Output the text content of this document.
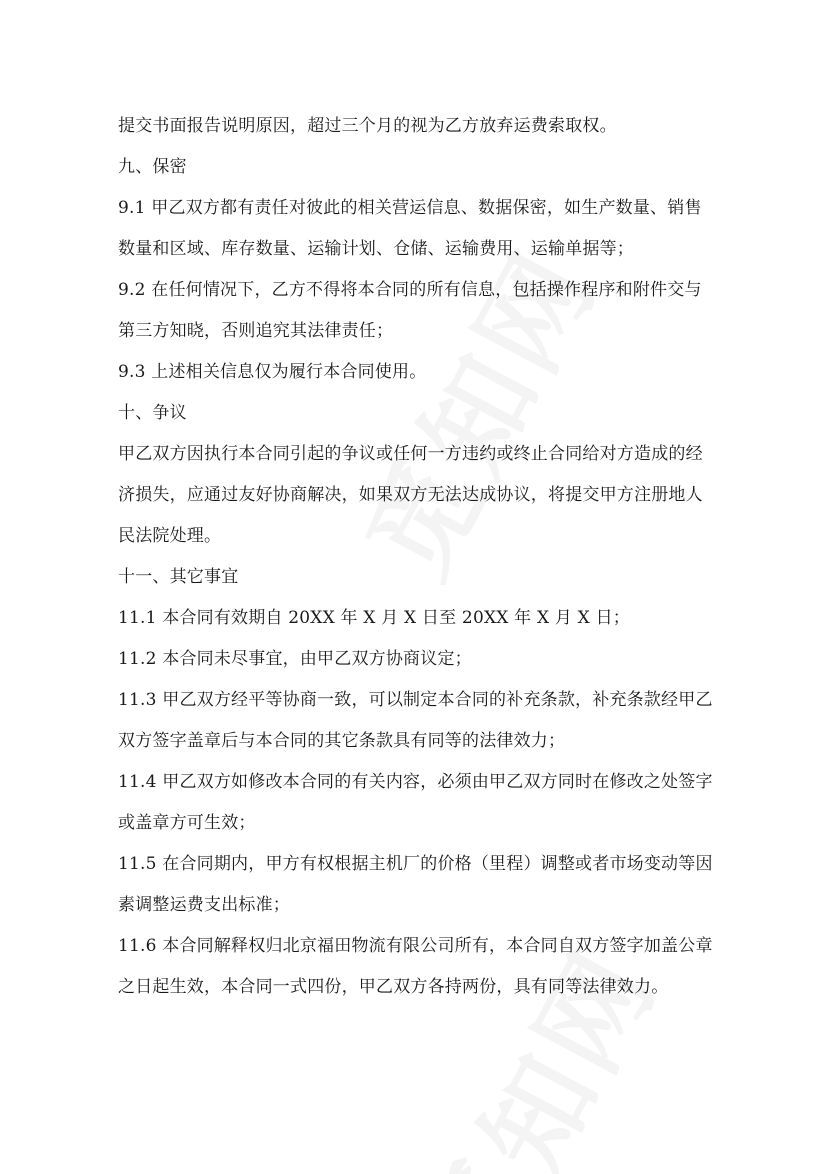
提交书面报告说明原因，超过三个月的视为乙方放弃运费索取权。
九、保密
9.1 甲乙双方都有责任对彼此的相关营运信息、数据保密，如生产数量、销售
数量和区域、库存数量、运输计划、仓储、运输费用、运输单据等；
9.2 在任何情况下，乙方不得将本合同的所有信息，包括操作程序和附件交与
第三方知晓，否则追究其法律责任；
9.3 上述相关信息仅为履行本合同使用。
十、争议
甲乙双方因执行本合同引起的争议或任何一方违约或终止合同给对方造成的经
济损失，应通过友好协商解决，如果双方无法达成协议，将提交甲方注册地人
民法院处理。
十一、其它事宜
11.1 本合同有效期自 20XX 年 X 月 X 日至 20XX 年 X 月 X 日；
11.2 本合同未尽事宜，由甲乙双方协商议定；
11.3 甲乙双方经平等协商一致，可以制定本合同的补充条款，补充条款经甲乙
双方签字盖章后与本合同的其它条款具有同等的法律效力；
11.4 甲乙双方如修改本合同的有关内容，必须由甲乙双方同时在修改之处签字
或盖章方可生效；
11.5 在合同期内，甲方有权根据主机厂的价格（里程）调整或者市场变动等因
素调整运费支出标准；
11.6 本合同解释权归北京福田物流有限公司所有，本合同自双方签字加盖公章
之日起生效，本合同一式四份，甲乙双方各持两份，具有同等法律效力。
